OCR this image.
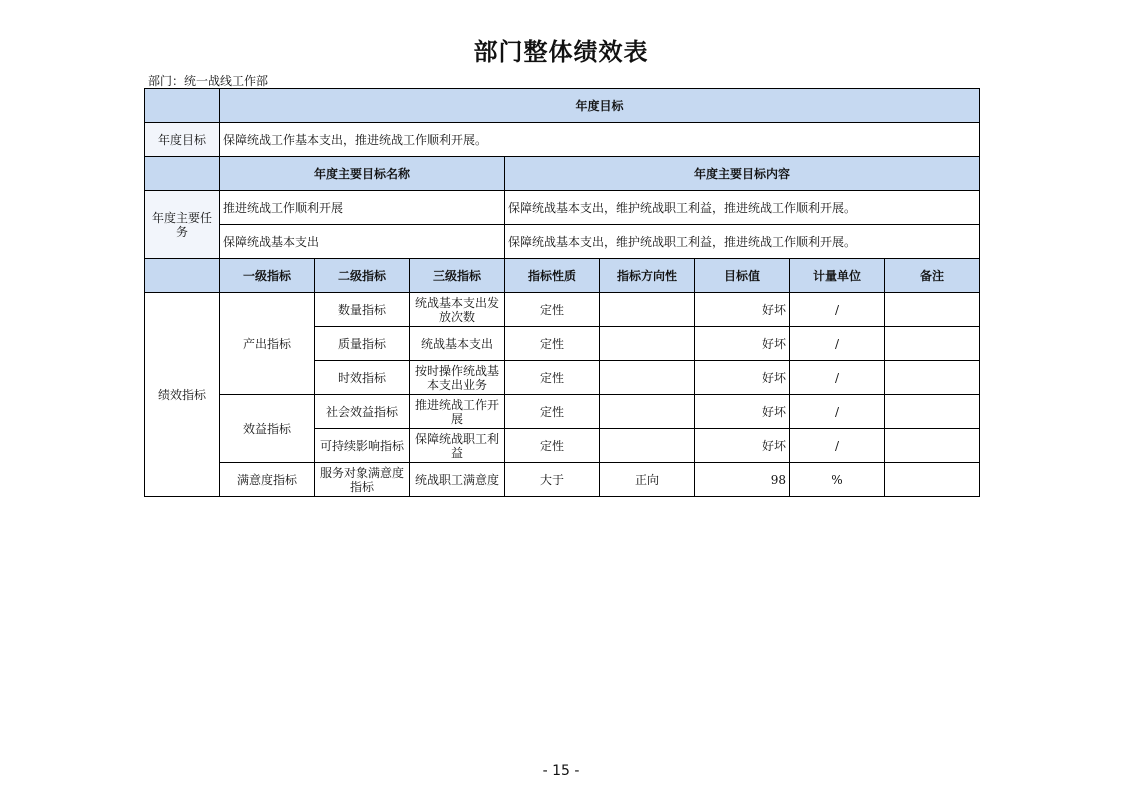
部门整体绩效表
部门：统一战线工作部
	年度目标							
年度目标	保障统战工作基本支出，推进统战工作顺利开展。							
	年度主要目标名称			年度主要目标内容				
年度主要任务	推进统战工作顺利开展			保障统战基本支出，维护统战职工利益，推进统战工作顺利开展。				
	保障统战基本支出			保障统战基本支出，维护统战职工利益，推进统战工作顺利开展。				
	一级指标	二级指标	三级指标	指标性质	指标方向性	目标值	计量单位	备注
绩效指标	产出指标	数量指标	统战基本支出发放次数	定性		好坏	/	
		质量指标	统战基本支出	定性		好坏	/	
		时效指标	按时操作统战基本支出业务	定性		好坏	/	
	效益指标	社会效益指标	推进统战工作开展	定性		好坏	/	
		可持续影响指标	保障统战职工利益	定性		好坏	/	
	满意度指标	服务对象满意度指标	统战职工满意度	大于	正向	98	%	
- 15 -
